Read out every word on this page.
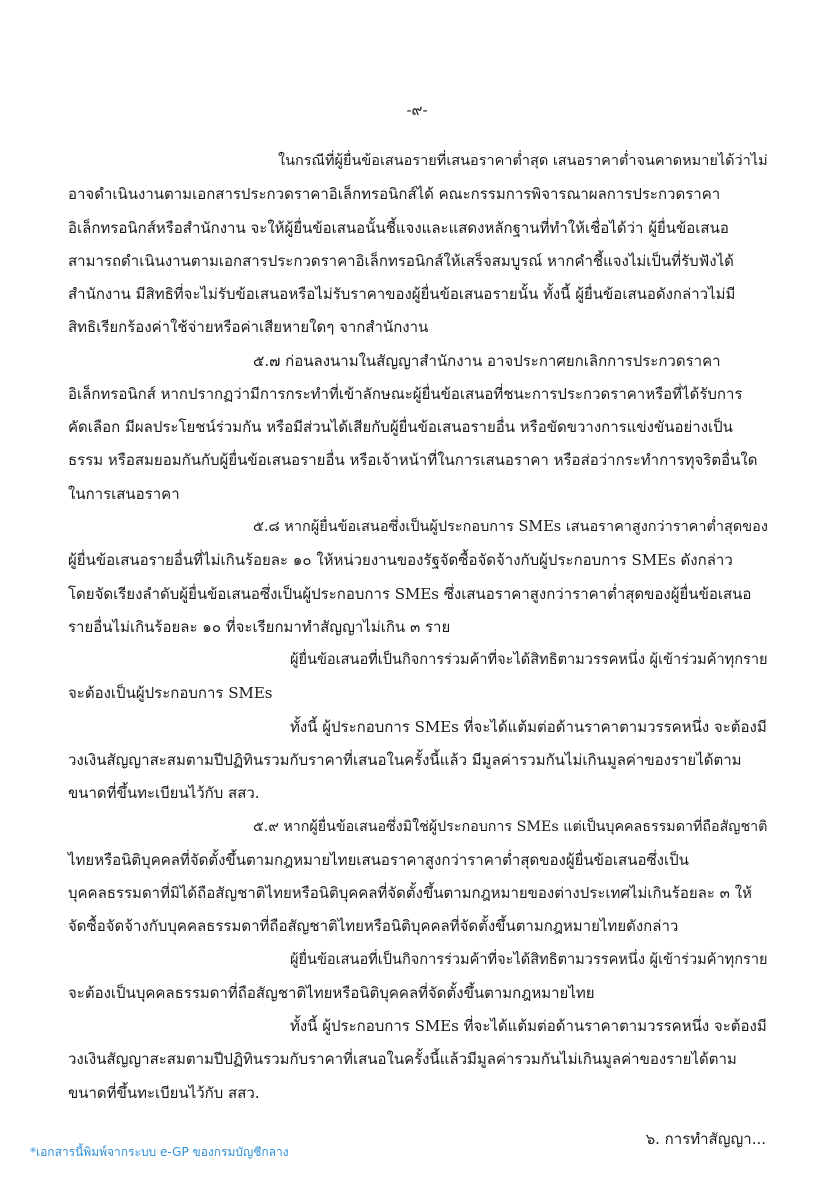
-๙-
ในกรณีที่ผู้ยื่นข้อเสนอรายที่เสนอราคาต่ำสุด เสนอราคาต่ำจนคาดหมายได้ว่าไม่
อาจดำเนินงานตามเอกสารประกวดราคาอิเล็กทรอนิกส์ได้ คณะกรรมการพิจารณาผลการประกวดราคา
อิเล็กทรอนิกส์หรือสำนักงาน จะให้ผู้ยื่นข้อเสนอนั้นชี้แจงและแสดงหลักฐานที่ทำให้เชื่อได้ว่า ผู้ยื่นข้อเสนอ
สามารถดำเนินงานตามเอกสารประกวดราคาอิเล็กทรอนิกส์ให้เสร็จสมบูรณ์ หากคำชี้แจงไม่เป็นที่รับฟังได้
สำนักงาน มีสิทธิที่จะไม่รับข้อเสนอหรือไม่รับราคาของผู้ยื่นข้อเสนอรายนั้น ทั้งนี้ ผู้ยื่นข้อเสนอดังกล่าวไม่มี
สิทธิเรียกร้องค่าใช้จ่ายหรือค่าเสียหายใดๆ จากสำนักงาน
๕.๗ ก่อนลงนามในสัญญาสำนักงาน อาจประกาศยกเลิกการประกวดราคา
อิเล็กทรอนิกส์ หากปรากฏว่ามีการกระทำที่เข้าลักษณะผู้ยื่นข้อเสนอที่ชนะการประกวดราคาหรือที่ได้รับการ
คัดเลือก มีผลประโยชน์ร่วมกัน หรือมีส่วนได้เสียกับผู้ยื่นข้อเสนอรายอื่น หรือขัดขวางการแข่งขันอย่างเป็น
ธรรม หรือสมยอมกันกับผู้ยื่นข้อเสนอรายอื่น หรือเจ้าหน้าที่ในการเสนอราคา หรือส่อว่ากระทำการทุจริตอื่นใด
ในการเสนอราคา
๕.๘ หากผู้ยื่นข้อเสนอซึ่งเป็นผู้ประกอบการ SMEs เสนอราคาสูงกว่าราคาต่ำสุดของ
ผู้ยื่นข้อเสนอรายอื่นที่ไม่เกินร้อยละ ๑๐ ให้หน่วยงานของรัฐจัดซื้อจัดจ้างกับผู้ประกอบการ SMEs ดังกล่าว
โดยจัดเรียงลำดับผู้ยื่นข้อเสนอซึ่งเป็นผู้ประกอบการ SMEs ซึ่งเสนอราคาสูงกว่าราคาต่ำสุดของผู้ยื่นข้อเสนอ
รายอื่นไม่เกินร้อยละ ๑๐ ที่จะเรียกมาทำสัญญาไม่เกิน ๓ ราย
ผู้ยื่นข้อเสนอที่เป็นกิจการร่วมค้าที่จะได้สิทธิตามวรรคหนึ่ง ผู้เข้าร่วมค้าทุกราย
จะต้องเป็นผู้ประกอบการ SMEs
ทั้งนี้ ผู้ประกอบการ SMEs ที่จะได้แต้มต่อด้านราคาตามวรรคหนึ่ง จะต้องมี
วงเงินสัญญาสะสมตามปีปฏิทินรวมกับราคาที่เสนอในครั้งนี้แล้ว มีมูลค่ารวมกันไม่เกินมูลค่าของรายได้ตาม
ขนาดที่ขึ้นทะเบียนไว้กับ สสว.
๕.๙ หากผู้ยื่นข้อเสนอซึ่งมิใช่ผู้ประกอบการ SMEs แต่เป็นบุคคลธรรมดาที่ถือสัญชาติ
ไทยหรือนิติบุคคลที่จัดตั้งขึ้นตามกฎหมายไทยเสนอราคาสูงกว่าราคาต่ำสุดของผู้ยื่นข้อเสนอซึ่งเป็น
บุคคลธรรมดาที่มิได้ถือสัญชาติไทยหรือนิติบุคคลที่จัดตั้งขึ้นตามกฎหมายของต่างประเทศไม่เกินร้อยละ ๓ ให้
จัดซื้อจัดจ้างกับบุคคลธรรมดาที่ถือสัญชาติไทยหรือนิติบุคคลที่จัดตั้งขึ้นตามกฎหมายไทยดังกล่าว
ผู้ยื่นข้อเสนอที่เป็นกิจการร่วมค้าที่จะได้สิทธิตามวรรคหนึ่ง ผู้เข้าร่วมค้าทุกราย
จะต้องเป็นบุคคลธรรมดาที่ถือสัญชาติไทยหรือนิติบุคคลที่จัดตั้งขึ้นตามกฎหมายไทย
ทั้งนี้ ผู้ประกอบการ SMEs ที่จะได้แต้มต่อด้านราคาตามวรรคหนึ่ง จะต้องมี
วงเงินสัญญาสะสมตามปีปฏิทินรวมกับราคาที่เสนอในครั้งนี้แล้วมีมูลค่ารวมกันไม่เกินมูลค่าของรายได้ตาม
ขนาดที่ขึ้นทะเบียนไว้กับ สสว.
๖. การทำสัญญา...
*เอกสารนี้พิมพ์จากระบบ e-GP ของกรมบัญชีกลาง
